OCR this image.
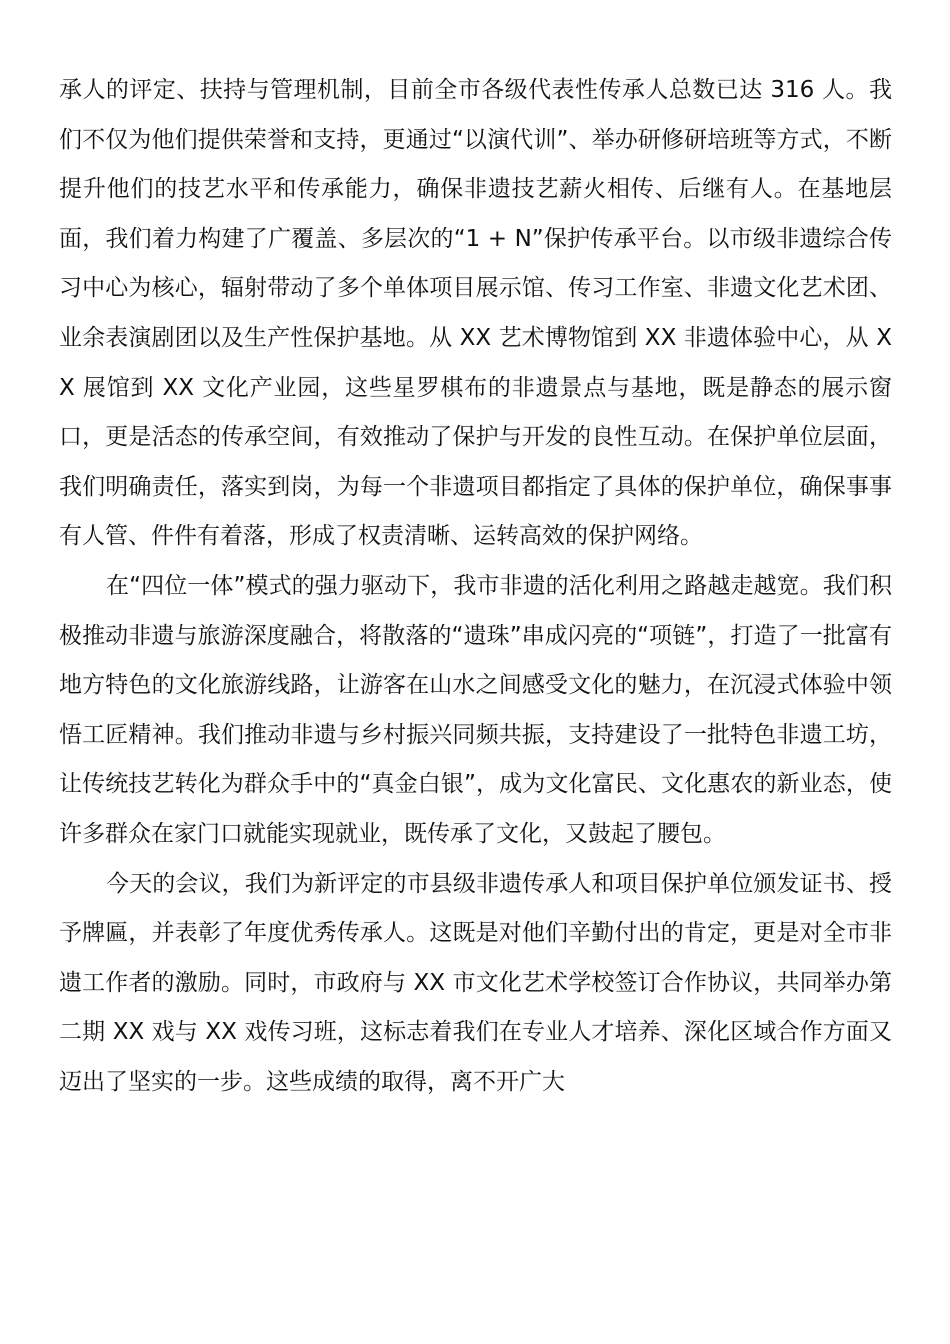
承人的评定、扶持与管理机制，目前全市各级代表性传承人总数已达 316 人。我们不仅为他们提供荣誉和支持，更通过“以演代训”、举办研修研培班等方式，不断提升他们的技艺水平和传承能力，确保非遗技艺薪火相传、后继有人。在基地层面，我们着力构建了广覆盖、多层次的“1 + N”保护传承平台。以市级非遗综合传习中心为核心，辐射带动了多个单体项目展示馆、传习工作室、非遗文化艺术团、业余表演剧团以及生产性保护基地。从 XX 艺术博物馆到 XX 非遗体验中心，从 XX 展馆到 XX 文化产业园，这些星罗棋布的非遗景点与基地，既是静态的展示窗口，更是活态的传承空间，有效推动了保护与开发的良性互动。在保护单位层面，我们明确责任，落实到岗，为每一个非遗项目都指定了具体的保护单位，确保事事有人管、件件有着落，形成了权责清晰、运转高效的保护网络。

在“四位一体”模式的强力驱动下，我市非遗的活化利用之路越走越宽。我们积极推动非遗与旅游深度融合，将散落的“遗珠”串成闪亮的“项链”，打造了一批富有地方特色的文化旅游线路，让游客在山水之间感受文化的魅力，在沉浸式体验中领悟工匠精神。我们推动非遗与乡村振兴同频共振，支持建设了一批特色非遗工坊，让传统技艺转化为群众手中的“真金白银”，成为文化富民、文化惠农的新业态，使许多群众在家门口就能实现就业，既传承了文化，又鼓起了腰包。

今天的会议，我们为新评定的市县级非遗传承人和项目保护单位颁发证书、授予牌匾，并表彰了年度优秀传承人。这既是对他们辛勤付出的肯定，更是对全市非遗工作者的激励。同时，市政府与 XX 市文化艺术学校签订合作协议，共同举办第二期 XX 戏与 XX 戏传习班，这标志着我们在专业人才培养、深化区域合作方面又迈出了坚实的一步。这些成绩的取得，离不开广大
